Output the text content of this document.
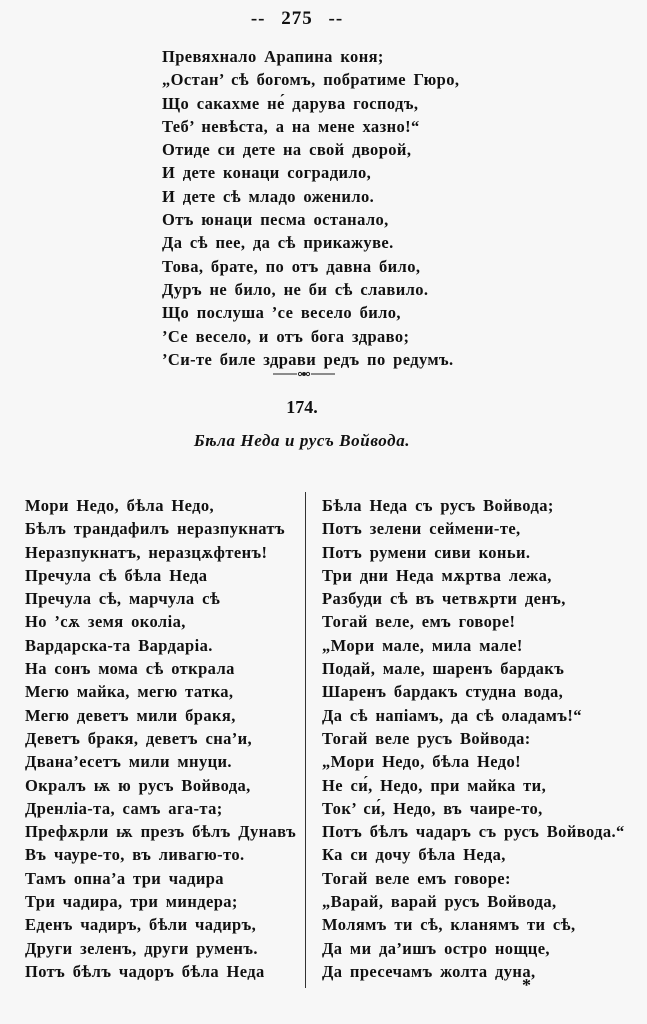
-- 275 --
Превяхнало Арапина коня;
„Остан’ сѣ богомъ, побратиме Гюро,
Що сакахме не́ дарува господъ,
Теб’ невѣста, а на мене хазно!“
Отиде си дете на свой дворой,
И дете конаци соградило,
И дете сѣ младо оженило.
Отъ юнаци песма останало,
Да сѣ пее, да сѣ прикажуве.
Това, брате, по отъ давна било,
Дуръ не било, не би сѣ славило.
Що послуша ’се весело било,
’Се весело, и отъ бога здраво;
’Си-те биле здрави редъ по редумъ.
174.
Бѣла Неда и русъ Войвода.
Мори Недо, бѣла Недо,
Бѣлъ трандафилъ неразпукнатъ
Неразпукнатъ, неразцѫфтенъ!
Пречула сѣ бѣла Неда
Пречула сѣ, марчула сѣ
Но ’сѫ земя околіа,
Вардарска-та Вардаріа.
На сонъ мома сѣ открала
Мегю майка, мегю татка,
Мегю деветъ мили бракя,
Деветъ бракя, деветъ сна’и,
Двана’есетъ мили мнуци.
Окралъ ѭ ю русъ Войвода,
Дренліа-та, самъ ага-та;
Префѫрли ѭ презъ бѣлъ Дунавъ
Въ чауре-то, въ ливагю-то.
Тамъ опна’а три чадира
Три чадира, три миндера;
Еденъ чадиръ, бѣли чадиръ,
Други зеленъ, други руменъ.
Потъ бѣлъ чадоръ бѣла Неда
Бѣла Неда съ русъ Войвода;
Потъ зелени сеймени-те,
Потъ румени сиви коньи.
Три дни Неда мѫртва лежа,
Разбуди сѣ въ четвѫрти денъ,
Тогай веле, емъ говоре!
„Мори мале, мила мале!
Подай, мале, шаренъ бардакъ
Шаренъ бардакъ студна вода,
Да сѣ напіамъ, да сѣ оладамъ!“
Тогай веле русъ Войвода:
„Мори Недо, бѣла Недо!
Не си́, Недо, при майка ти,
Ток’ си́, Недо, въ чаире-то,
Потъ бѣлъ чадаръ съ русъ Войвода.“
Ка си дочу бѣла Неда,
Тогай веле емъ говоре:
„Варай, варай русъ Войвода,
Молямъ ти сѣ, кланямъ ти сѣ,
Да ми да’ишъ остро нощце,
Да пресечамъ жолта дуна,
*
